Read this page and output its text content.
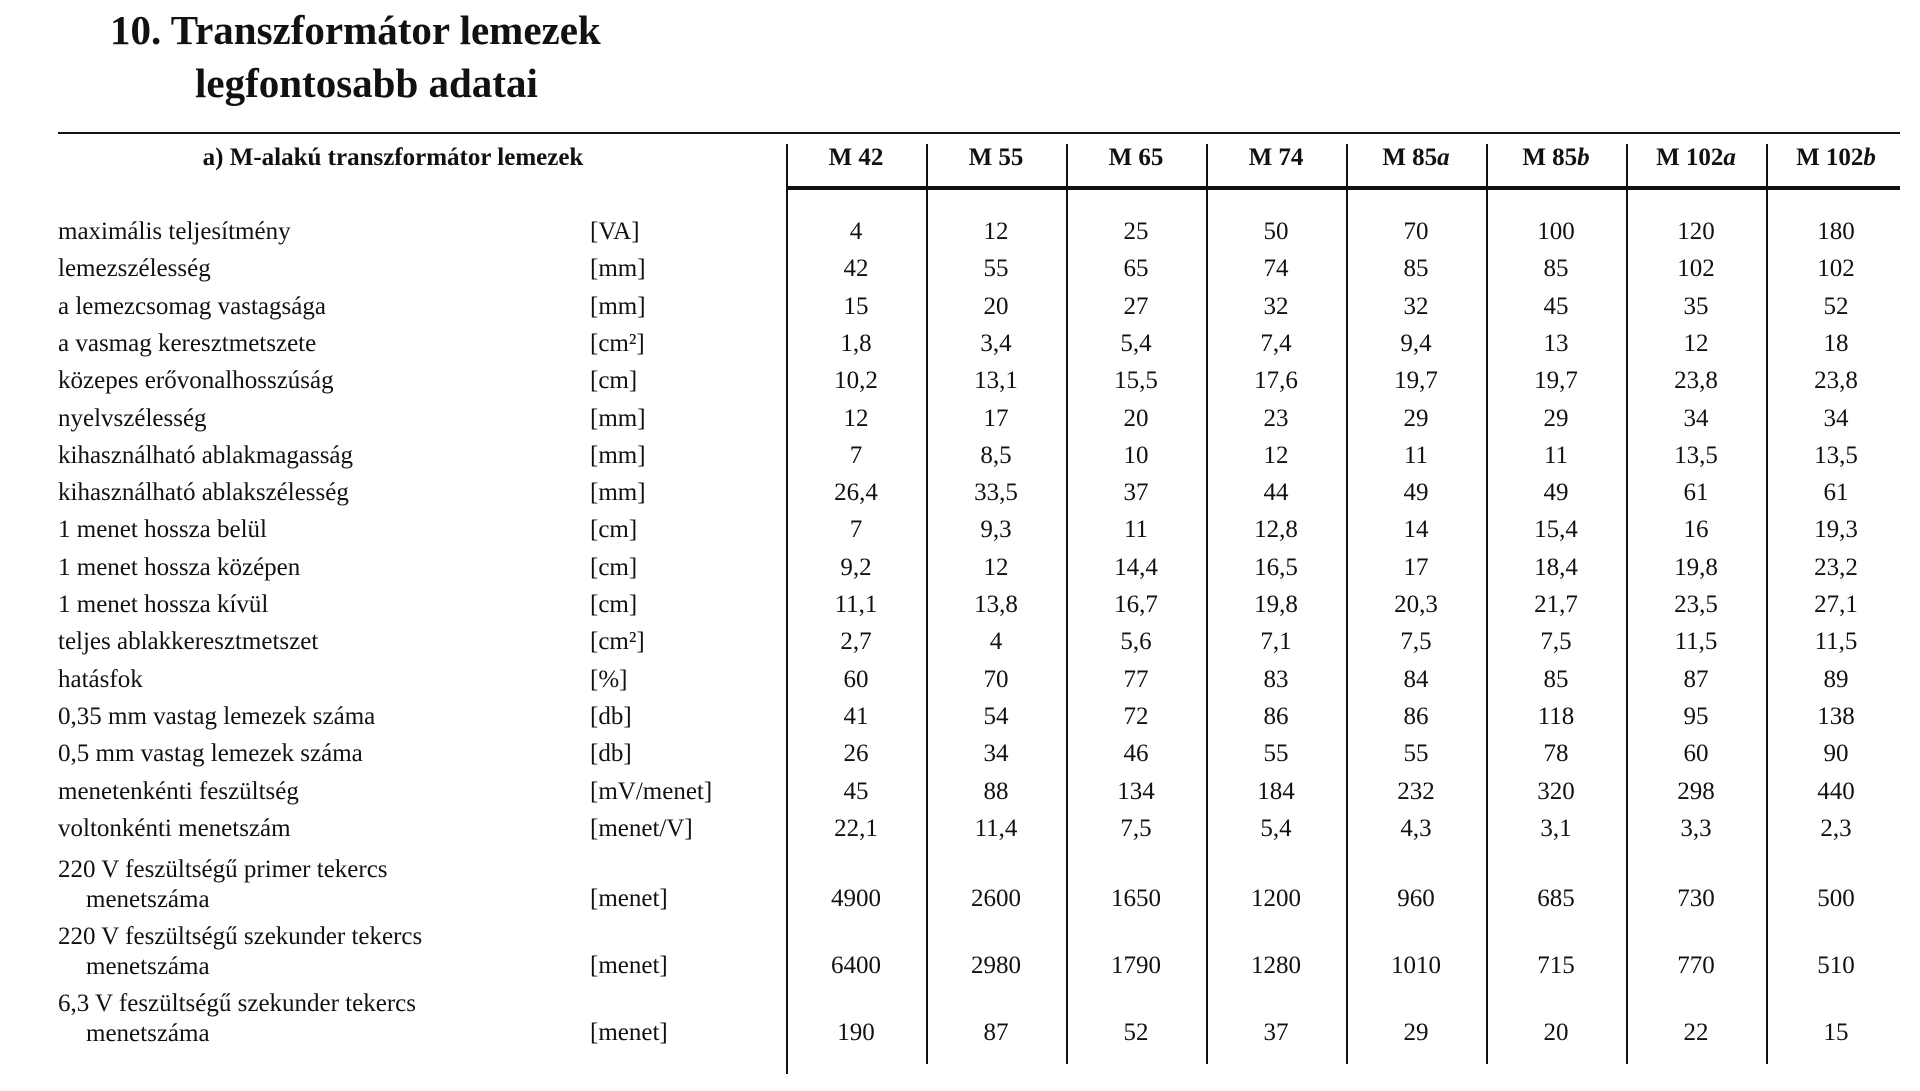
10. Transzformátor lemezek
legfontosabb adatai
a) M-alakú transzformátor lemezek	M 42	M 55	M 65	M 74	M 85a	M 85b	M 102a	M 102b
maximális teljesítmény	[VA]	4	12	25	50	70	100	120	180
lemezszélesség	[mm]	42	55	65	74	85	85	102	102
a lemezcsomag vastagsága	[mm]	15	20	27	32	32	45	35	52
a vasmag keresztmetszete	[cm²]	1,8	3,4	5,4	7,4	9,4	13	12	18
közepes erővonalhosszúság	[cm]	10,2	13,1	15,5	17,6	19,7	19,7	23,8	23,8
nyelvszélesség	[mm]	12	17	20	23	29	29	34	34
kihasználható ablakmagasság	[mm]	7	8,5	10	12	11	11	13,5	13,5
kihasználható ablakszélesség	[mm]	26,4	33,5	37	44	49	49	61	61
1 menet hossza belül	[cm]	7	9,3	11	12,8	14	15,4	16	19,3
1 menet hossza középen	[cm]	9,2	12	14,4	16,5	17	18,4	19,8	23,2
1 menet hossza kívül	[cm]	11,1	13,8	16,7	19,8	20,3	21,7	23,5	27,1
teljes ablakkeresztmetszet	[cm²]	2,7	4	5,6	7,1	7,5	7,5	11,5	11,5
hatásfok	[%]	60	70	77	83	84	85	87	89
0,35 mm vastag lemezek száma	[db]	41	54	72	86	86	118	95	138
0,5 mm vastag lemezek száma	[db]	26	34	46	55	55	78	60	90
menetenkénti feszültség	[mV/menet]	45	88	134	184	232	320	298	440
voltonkénti menetszám	[menet/V]	22,1	11,4	7,5	5,4	4,3	3,1	3,3	2,3
220 V feszültségű primer tekercs
menetszáma	[menet]	4900	2600	1650	1200	960	685	730	500
220 V feszültségű szekunder tekercs
menetszáma	[menet]	6400	2980	1790	1280	1010	715	770	510
6,3 V feszültségű szekunder tekercs
menetszáma	[menet]	190	87	52	37	29	20	22	15
